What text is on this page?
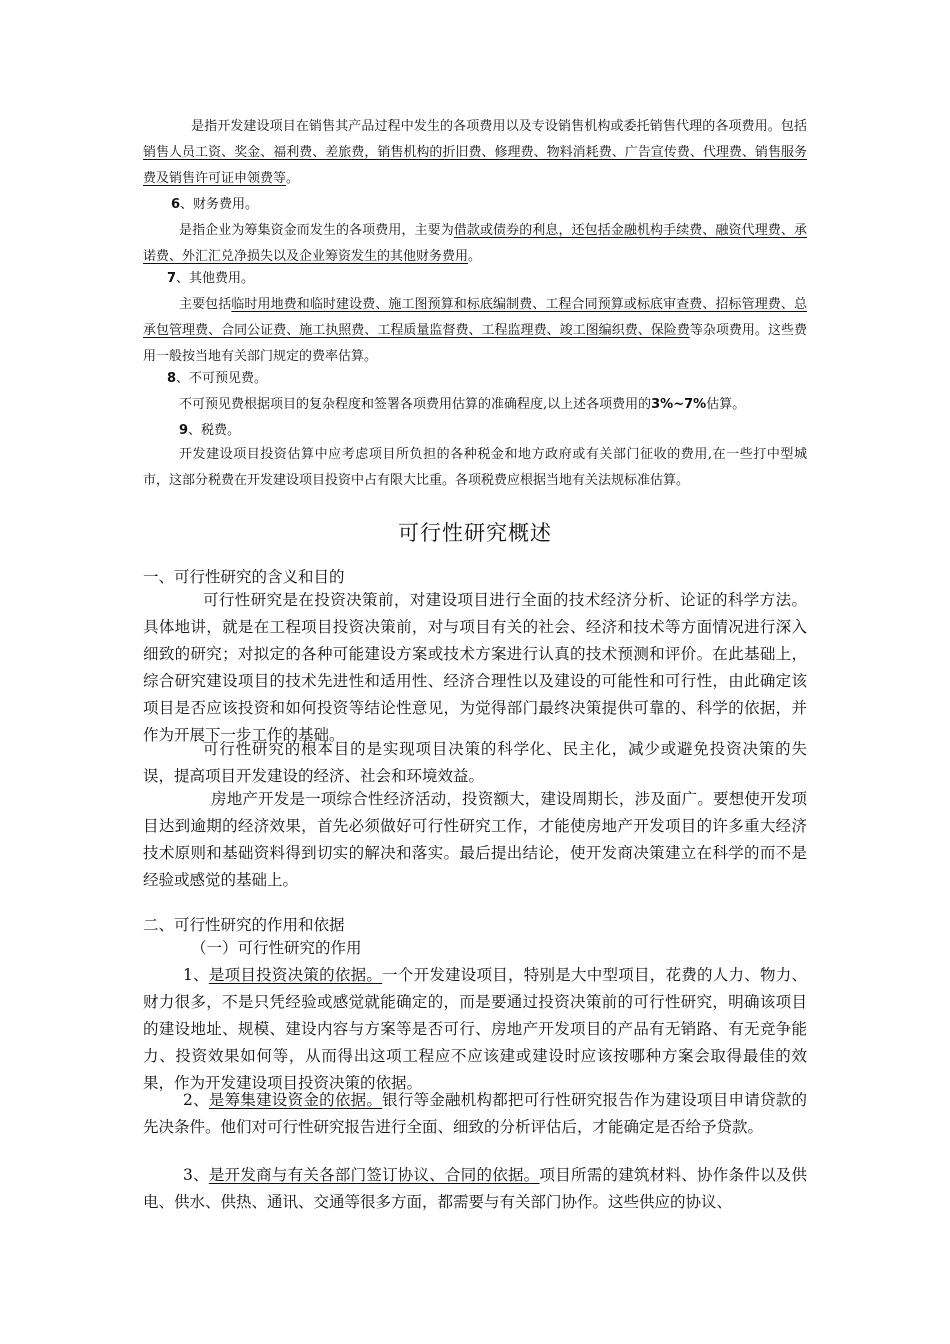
是指开发建设项目在销售其产品过程中发生的各项费用以及专设销售机构或委托销售代理的各项费用。包括销售人员工资、奖金、福利费、差旅费，销售机构的折旧费、修理费、物料消耗费、广告宣传费、代理费、销售服务费及销售许可证申领费等。

6、财务费用。

是指企业为筹集资金而发生的各项费用，主要为借款或债券的利息，还包括金融机构手续费、融资代理费、承诺费、外汇汇兑净损失以及企业筹资发生的其他财务费用。

7、其他费用。

主要包括临时用地费和临时建设费、施工图预算和标底编制费、工程合同预算或标底审查费、招标管理费、总承包管理费、合同公证费、施工执照费、工程质量监督费、工程监理费、竣工图编织费、保险费等杂项费用。这些费用一般按当地有关部门规定的费率估算。

8、不可预见费。

不可预见费根据项目的复杂程度和签署各项费用估算的准确程度,以上述各项费用的3%~7%估算。

9、税费。

开发建设项目投资估算中应考虑项目所负担的各种税金和地方政府或有关部门征收的费用,在一些打中型城市，这部分税费在开发建设项目投资中占有限大比重。各项税费应根据当地有关法规标准估算。

可行性研究概述

一、可行性研究的含义和目的

可行性研究是在投资决策前，对建设项目进行全面的技术经济分析、论证的科学方法。具体地讲，就是在工程项目投资决策前，对与项目有关的社会、经济和技术等方面情况进行深入细致的研究；对拟定的各种可能建设方案或技术方案进行认真的技术预测和评价。在此基础上，综合研究建设项目的技术先进性和适用性、经济合理性以及建设的可能性和可行性，由此确定该项目是否应该投资和如何投资等结论性意见，为觉得部门最终决策提供可靠的、科学的依据，并作为开展下一步工作的基础。

可行性研究的根本目的是实现项目决策的科学化、民主化，减少或避免投资决策的失误，提高项目开发建设的经济、社会和环境效益。

房地产开发是一项综合性经济活动，投资额大，建设周期长，涉及面广。要想使开发项目达到逾期的经济效果，首先必须做好可行性研究工作，才能使房地产开发项目的许多重大经济技术原则和基础资料得到切实的解决和落实。最后提出结论，使开发商决策建立在科学的而不是经验或感觉的基础上。

二、可行性研究的作用和依据

（一）可行性研究的作用

1、是项目投资决策的依据。一个开发建设项目，特别是大中型项目，花费的人力、物力、财力很多，不是只凭经验或感觉就能确定的，而是要通过投资决策前的可行性研究，明确该项目的建设地址、规模、建设内容与方案等是否可行、房地产开发项目的产品有无销路、有无竞争能力、投资效果如何等，从而得出这项工程应不应该建或建设时应该按哪种方案会取得最佳的效果，作为开发建设项目投资决策的依据。

2、是筹集建设资金的依据。银行等金融机构都把可行性研究报告作为建设项目申请贷款的先决条件。他们对可行性研究报告进行全面、细致的分析评估后，才能确定是否给予贷款。

3、是开发商与有关各部门签订协议、合同的依据。项目所需的建筑材料、协作条件以及供电、供水、供热、通讯、交通等很多方面，都需要与有关部门协作。这些供应的协议、
